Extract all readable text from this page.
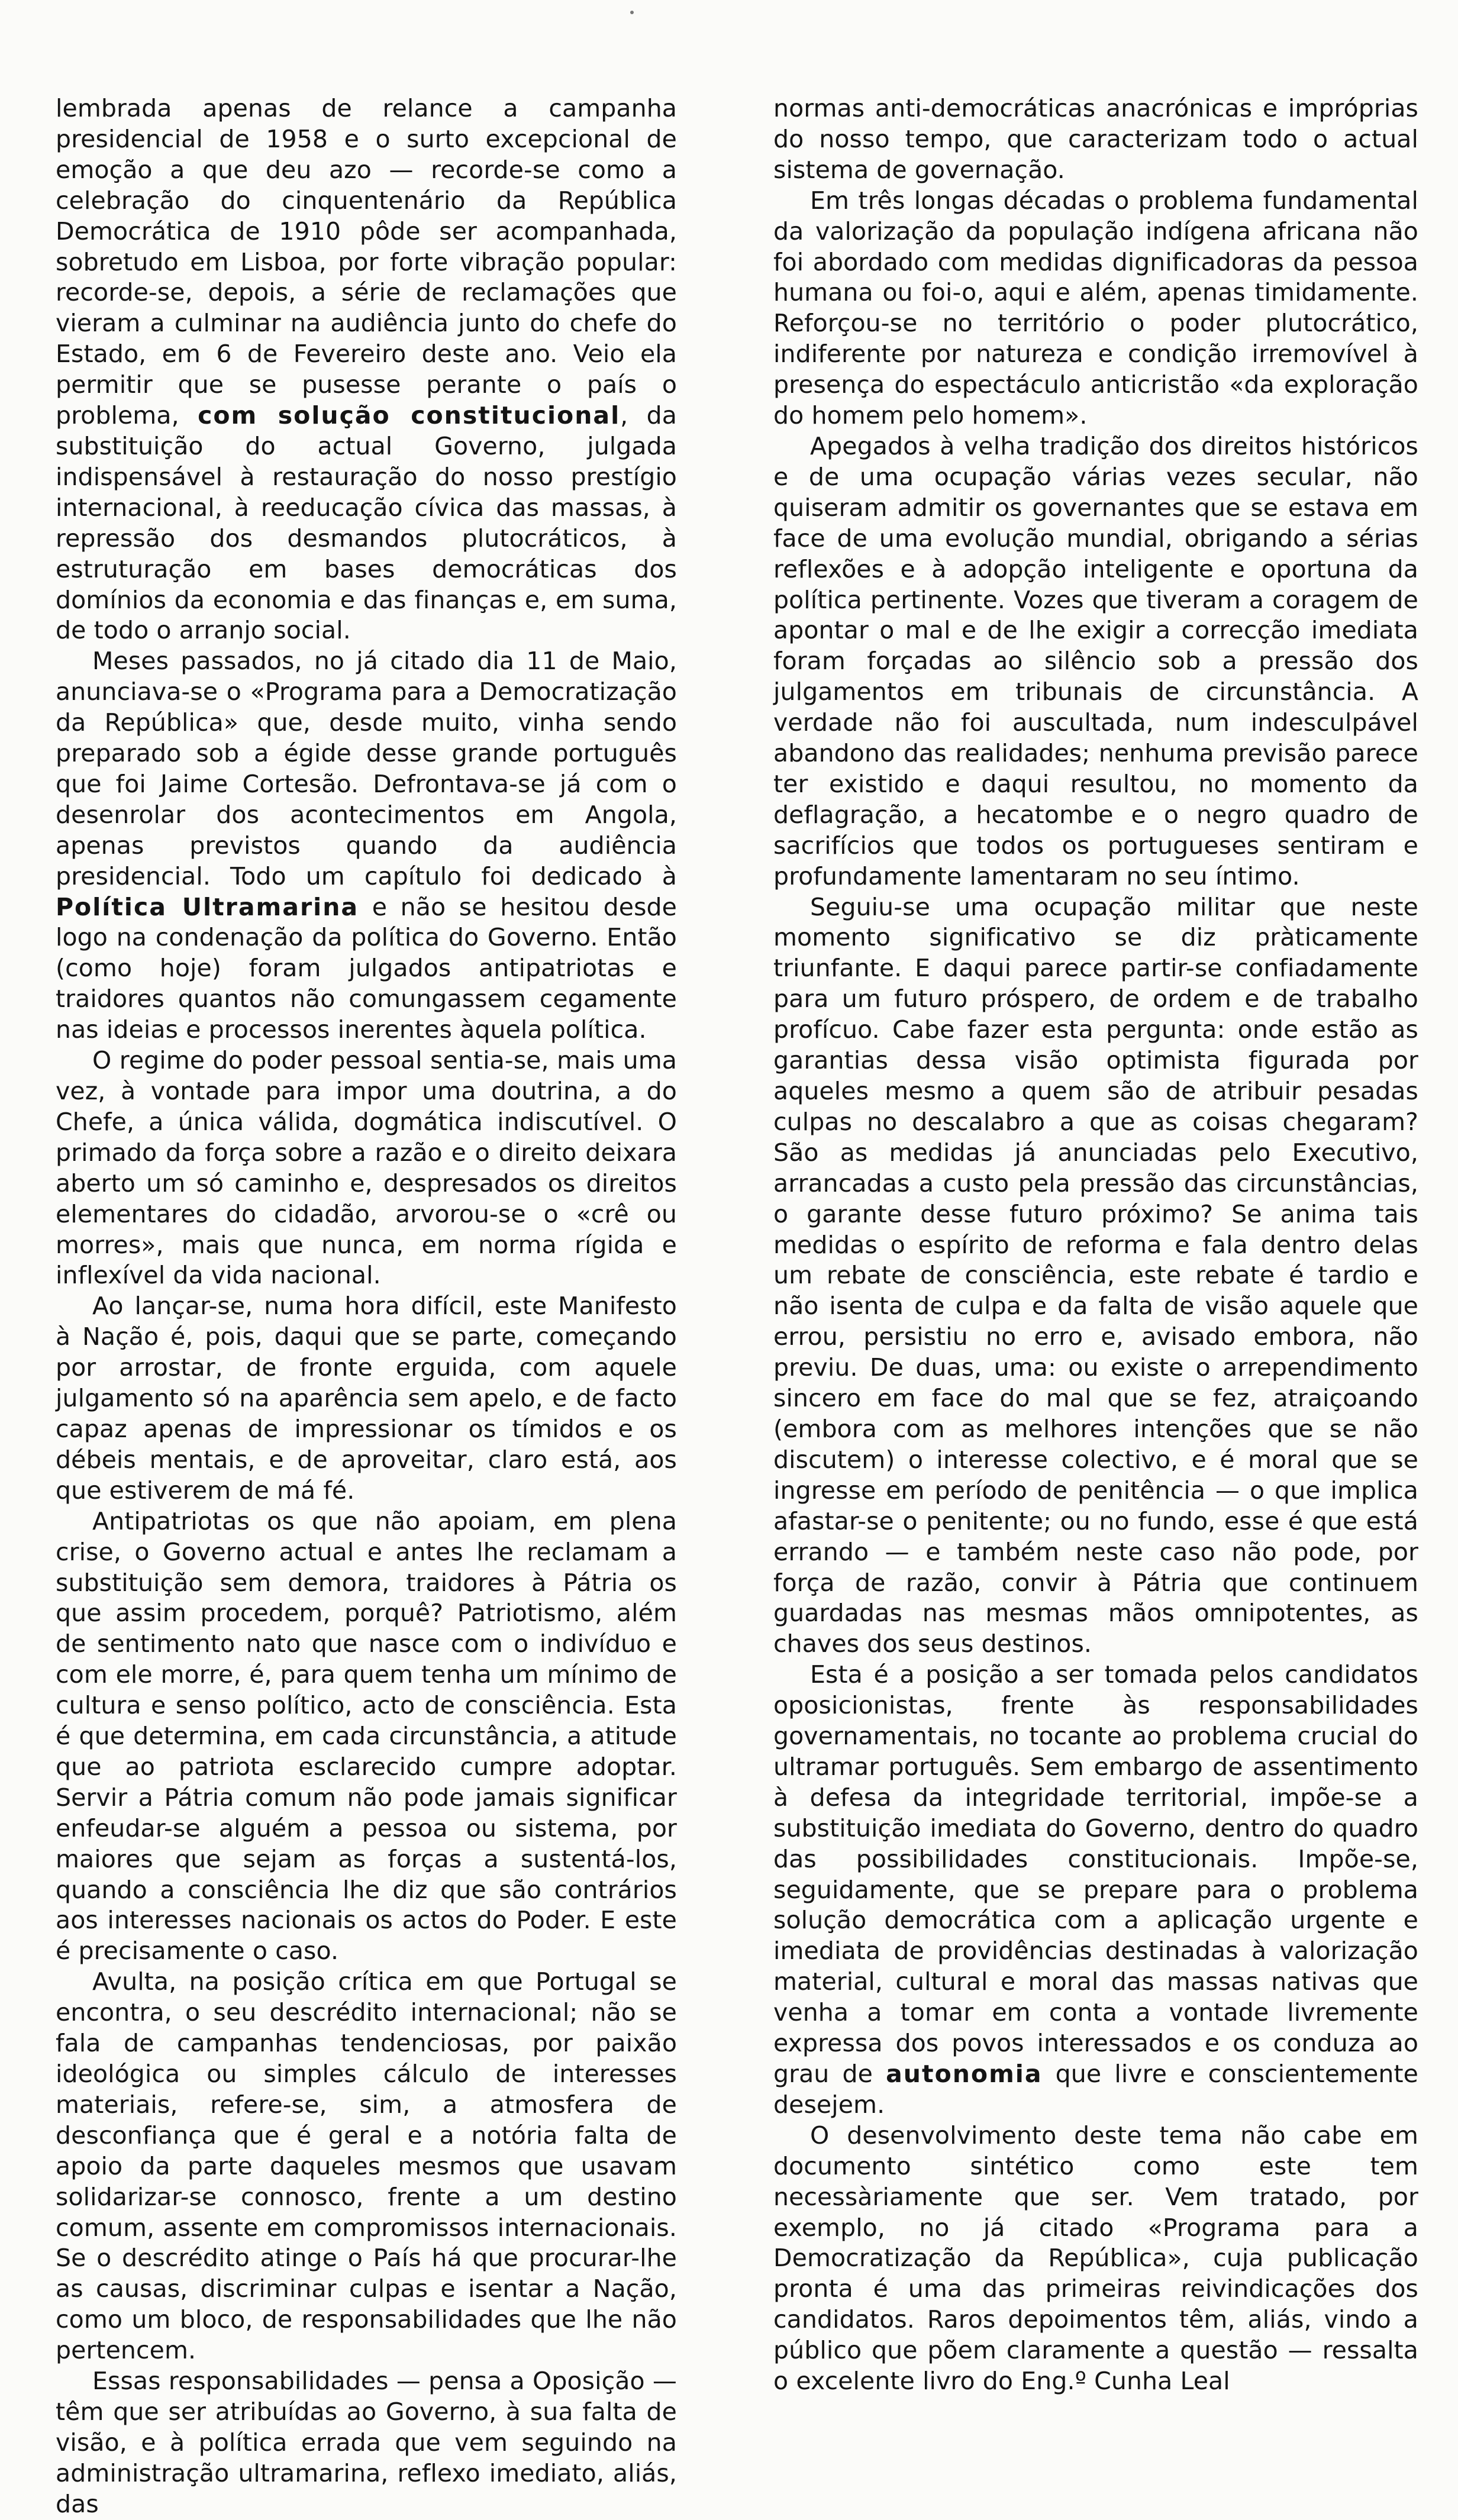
lembrada apenas de relance a campanha presidencial de 1958 e o surto excepcional de emoção a que deu azo — recorde-se como a celebração do cinquentenário da República Democrática de 1910 pôde ser acompanhada, sobretudo em Lisboa, por forte vibração popular: recorde-se, depois, a série de reclamações que vieram a culminar na audiência junto do chefe do Estado, em 6 de Fevereiro deste ano. Veio ela permitir que se pusesse perante o país o problema, com solução constitucional, da substituição do actual Governo, julgada indispensável à restauração do nosso prestígio internacional, à reeducação cívica das massas, à repressão dos desmandos plutocráticos, à estruturação em bases democráticas dos domínios da economia e das finanças e, em suma, de todo o arranjo social.

Meses passados, no já citado dia 11 de Maio, anunciava-se o «Programa para a Democratização da República» que, desde muito, vinha sendo preparado sob a égide desse grande português que foi Jaime Cortesão. Defrontava-se já com o desenrolar dos acontecimentos em Angola, apenas previstos quando da audiência presidencial. Todo um capítulo foi dedicado à Política Ultramarina e não se hesitou desde logo na condenação da política do Governo. Então (como hoje) foram julgados antipatriotas e traidores quantos não comungassem cegamente nas ideias e processos inerentes àquela política.

O regime do poder pessoal sentia-se, mais uma vez, à vontade para impor uma doutrina, a do Chefe, a única válida, dogmática indiscutível. O primado da força sobre a razão e o direito deixara aberto um só caminho e, despresados os direitos elementares do cidadão, arvorou-se o «crê ou morres», mais que nunca, em norma rígida e inflexível da vida nacional.

Ao lançar-se, numa hora difícil, este Manifesto à Nação é, pois, daqui que se parte, começando por arrostar, de fronte erguida, com aquele julgamento só na aparência sem apelo, e de facto capaz apenas de impressionar os tímidos e os débeis mentais, e de aproveitar, claro está, aos que estiverem de má fé.

Antipatriotas os que não apoiam, em plena crise, o Governo actual e antes lhe reclamam a substituição sem demora, traidores à Pátria os que assim procedem, porquê? Patriotismo, além de sentimento nato que nasce com o indivíduo e com ele morre, é, para quem tenha um mínimo de cultura e senso político, acto de consciência. Esta é que determina, em cada circunstância, a atitude que ao patriota esclarecido cumpre adoptar. Servir a Pátria comum não pode jamais significar enfeudar-se alguém a pessoa ou sistema, por maiores que sejam as forças a sustentá-los, quando a consciência lhe diz que são contrários aos interesses nacionais os actos do Poder. E este é precisamente o caso.

Avulta, na posição crítica em que Portugal se encontra, o seu descrédito internacional; não se fala de campanhas tendenciosas, por paixão ideológica ou simples cálculo de interesses materiais, refere-se, sim, a atmosfera de desconfiança que é geral e a notória falta de apoio da parte daqueles mesmos que usavam solidarizar-se connosco, frente a um destino comum, assente em compromissos internacionais. Se o descrédito atinge o País há que procurar-lhe as causas, discriminar culpas e isentar a Nação, como um bloco, de responsabilidades que lhe não pertencem.

Essas responsabilidades — pensa a Oposição — têm que ser atribuídas ao Governo, à sua falta de visão, e à política errada que vem seguindo na administração ultramarina, reflexo imediato, aliás, das

normas anti-democráticas anacrónicas e impróprias do nosso tempo, que caracterizam todo o actual sistema de governação.

Em três longas décadas o problema fundamental da valorização da população indígena africana não foi abordado com medidas dignificadoras da pessoa humana ou foi-o, aqui e além, apenas timidamente. Reforçou-se no território o poder plutocrático, indiferente por natureza e condição irremovível à presença do espectáculo anticristão «da exploração do homem pelo homem».

Apegados à velha tradição dos direitos históricos e de uma ocupação várias vezes secular, não quiseram admitir os governantes que se estava em face de uma evolução mundial, obrigando a sérias reflexões e à adopção inteligente e oportuna da política pertinente. Vozes que tiveram a coragem de apontar o mal e de lhe exigir a correcção imediata foram forçadas ao silêncio sob a pressão dos julgamentos em tribunais de circunstância. A verdade não foi auscultada, num indesculpável abandono das realidades; nenhuma previsão parece ter existido e daqui resultou, no momento da deflagração, a hecatombe e o negro quadro de sacrifícios que todos os portugueses sentiram e profundamente lamentaram no seu íntimo.

Seguiu-se uma ocupação militar que neste momento significativo se diz pràticamente triunfante. E daqui parece partir-se confiadamente para um futuro próspero, de ordem e de trabalho profícuo. Cabe fazer esta pergunta: onde estão as garantias dessa visão optimista figurada por aqueles mesmo a quem são de atribuir pesadas culpas no descalabro a que as coisas chegaram? São as medidas já anunciadas pelo Executivo, arrancadas a custo pela pressão das circunstâncias, o garante desse futuro próximo? Se anima tais medidas o espírito de reforma e fala dentro delas um rebate de consciência, este rebate é tardio e não isenta de culpa e da falta de visão aquele que errou, persistiu no erro e, avisado embora, não previu. De duas, uma: ou existe o arrependimento sincero em face do mal que se fez, atraiçoando (embora com as melhores intenções que se não discutem) o interesse colectivo, e é moral que se ingresse em período de penitência — o que implica afastar-se o penitente; ou no fundo, esse é que está errando — e também neste caso não pode, por força de razão, convir à Pátria que continuem guardadas nas mesmas mãos omnipotentes, as chaves dos seus destinos.

Esta é a posição a ser tomada pelos candidatos oposicionistas, frente às responsabilidades governamentais, no tocante ao problema crucial do ultramar português. Sem embargo de assentimento à defesa da integridade territorial, impõe-se a substituição imediata do Governo, dentro do quadro das possibilidades constitucionais. Impõe-se, seguidamente, que se prepare para o problema solução democrática com a aplicação urgente e imediata de providências destinadas à valorização material, cultural e moral das massas nativas que venha a tomar em conta a vontade livremente expressa dos povos interessados e os conduza ao grau de autonomia que livre e conscientemente desejem.

O desenvolvimento deste tema não cabe em documento sintético como este tem necessàriamente que ser. Vem tratado, por exemplo, no já citado «Programa para a Democratização da República», cuja publicação pronta é uma das primeiras reivindicações dos candidatos. Raros depoimentos têm, aliás, vindo a público que põem claramente a questão — ressalta o excelente livro do Eng.º Cunha Leal
